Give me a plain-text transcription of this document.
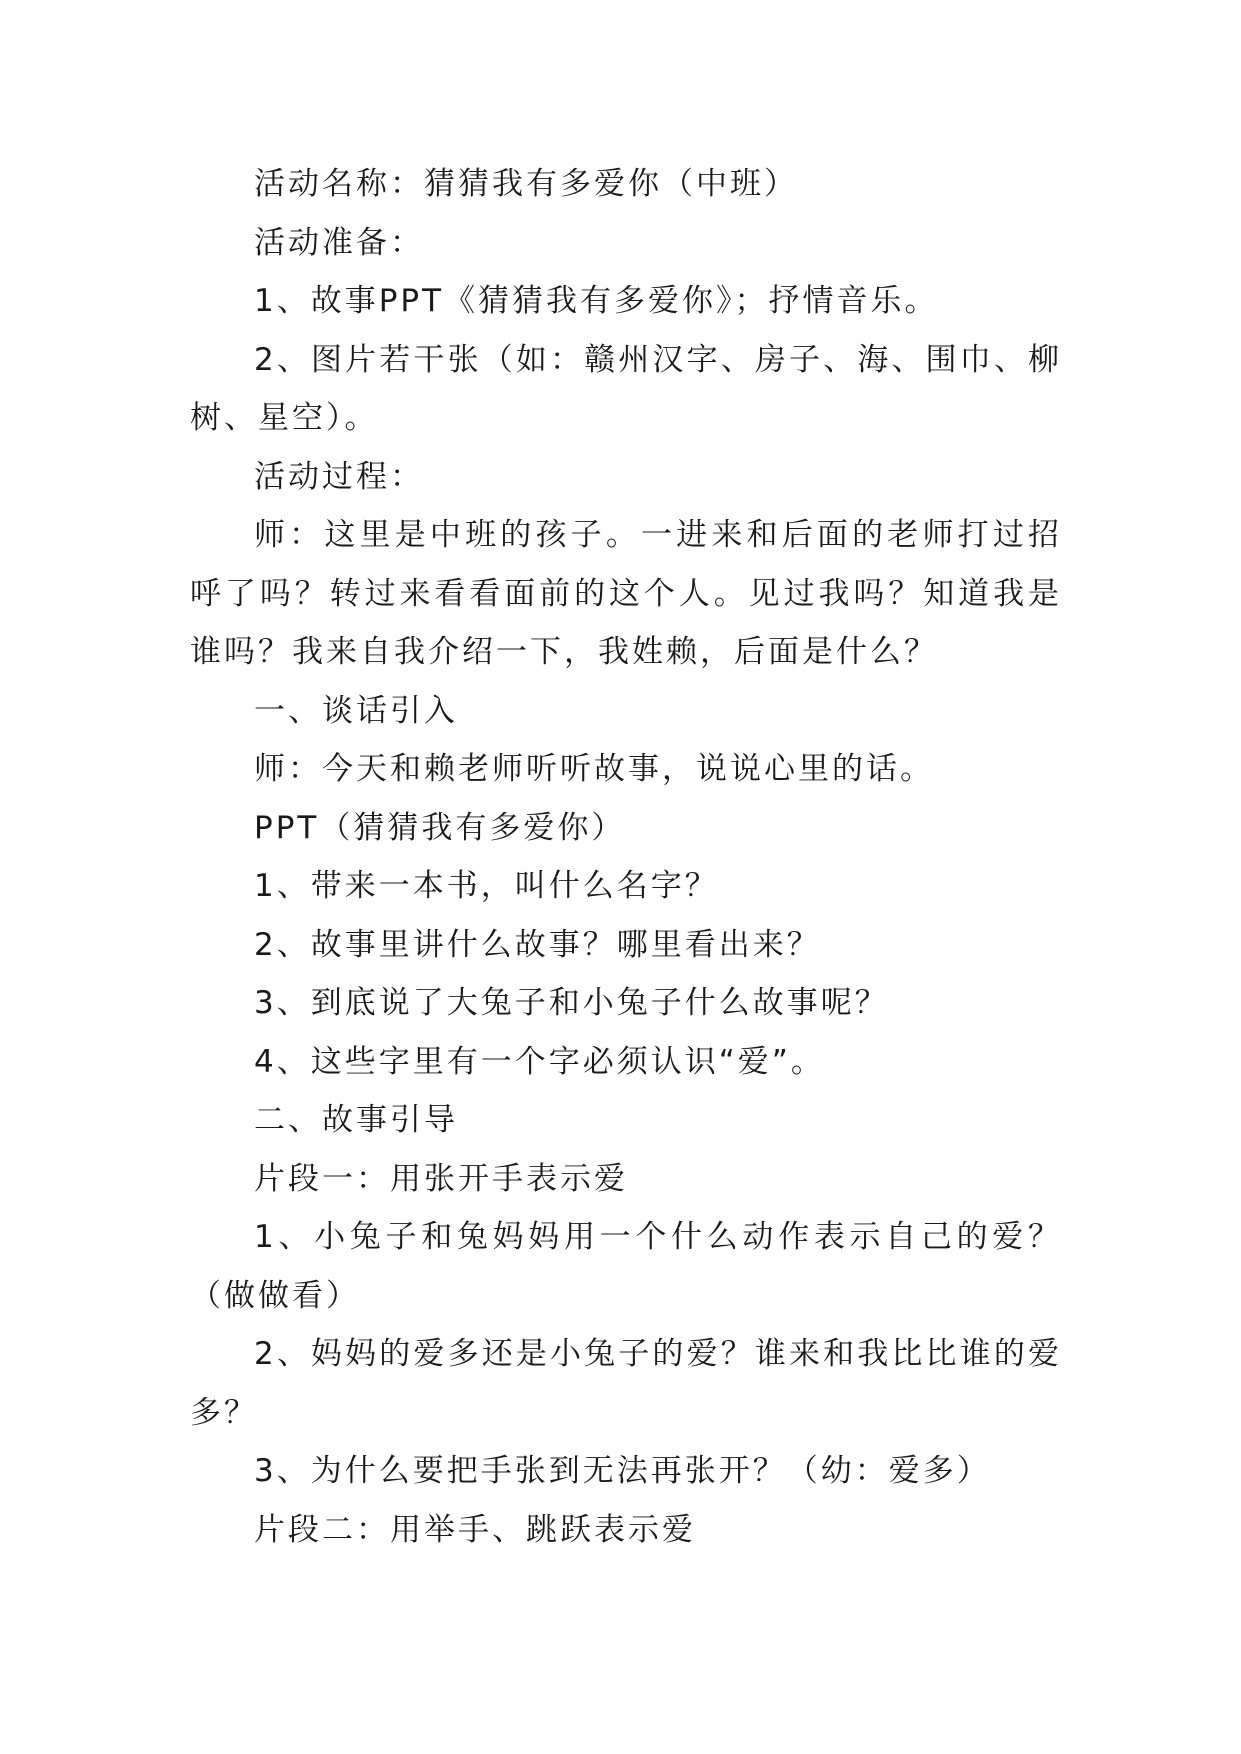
活动名称：猜猜我有多爱你（中班）

活动准备：

1、故事PPT《猜猜我有多爱你》；抒情音乐。

2、图片若干张（如：赣州汉字、房子、海、围巾、柳树、星空）。

活动过程：

师：这里是中班的孩子。一进来和后面的老师打过招呼了吗？转过来看看面前的这个人。见过我吗？知道我是谁吗？我来自我介绍一下，我姓赖，后面是什么？

一、谈话引入

师：今天和赖老师听听故事，说说心里的话。

PPT（猜猜我有多爱你）

1、带来一本书，叫什么名字？

2、故事里讲什么故事？哪里看出来？

3、到底说了大兔子和小兔子什么故事呢？

4、这些字里有一个字必须认识“爱”。

二、故事引导

片段一：用张开手表示爱

1、小兔子和兔妈妈用一个什么动作表示自己的爱？（做做看）

2、妈妈的爱多还是小兔子的爱？谁来和我比比谁的爱多？

3、为什么要把手张到无法再张开？（幼：爱多）

片段二：用举手、跳跃表示爱
